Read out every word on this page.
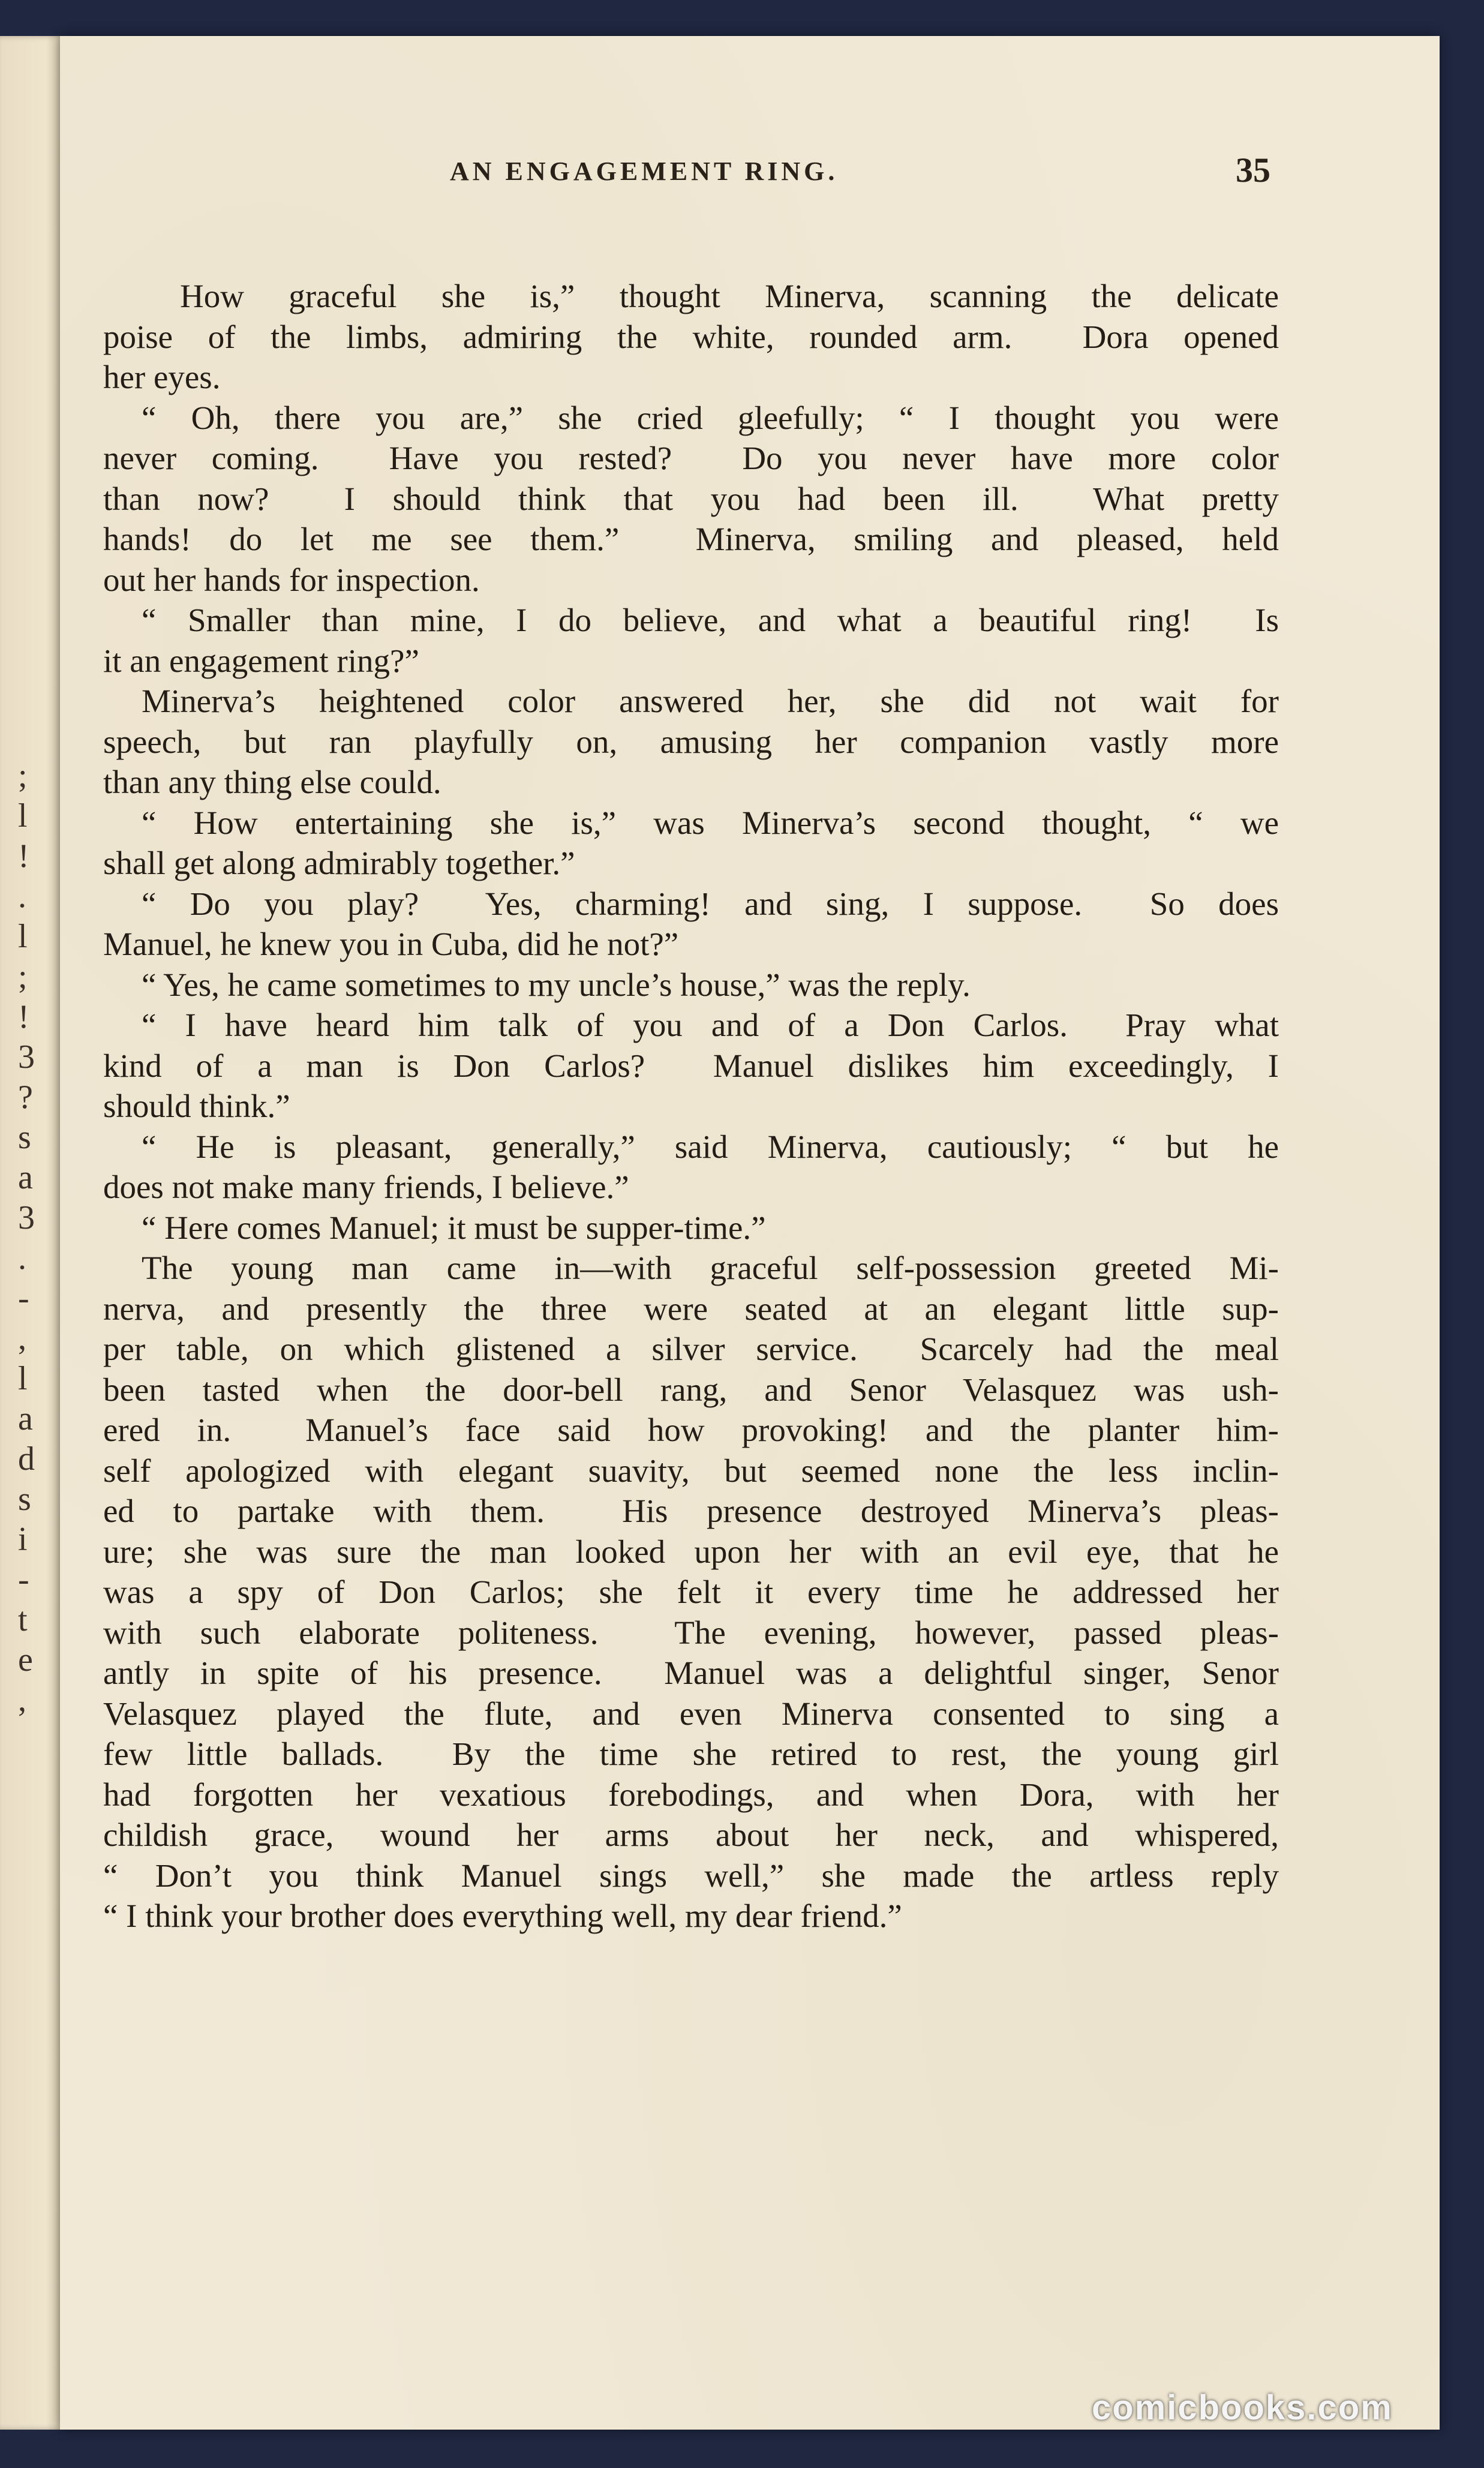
;
l
!
.
l
;
!
3
?
s
a
3
.
-
,
l
a
d
s
i
-
t
e
,
AN ENGAGEMENT RING.	35
How graceful she is,” thought Minerva, scanning the delicate
poise of the limbs, admiring the white, rounded arm.  Dora opened
her eyes.
“ Oh, there you are,” she cried gleefully; “ I thought you were
never coming.  Have you rested?  Do you never have more color
than now?  I should think that you had been ill.  What pretty
hands! do let me see them.”  Minerva, smiling and pleased, held
out her hands for inspection.
“ Smaller than mine, I do believe, and what a beautiful ring!  Is
it an engagement ring?”
Minerva’s heightened color answered her, she did not wait for
speech, but ran playfully on, amusing her companion vastly more
than any thing else could.
“ How entertaining she is,” was Minerva’s second thought, “ we
shall get along admirably together.”
“ Do you play?  Yes, charming! and sing, I suppose.  So does
Manuel, he knew you in Cuba, did he not?”
“ Yes, he came sometimes to my uncle’s house,” was the reply.
“ I have heard him talk of you and of a Don Carlos.  Pray what
kind of a man is Don Carlos?  Manuel dislikes him exceedingly, I
should think.”
“ He is pleasant, generally,” said Minerva, cautiously; “ but he
does not make many friends, I believe.”
“ Here comes Manuel; it must be supper-time.”
The young man came in—with graceful self-possession greeted Mi-
nerva, and presently the three were seated at an elegant little sup-
per table, on which glistened a silver service.  Scarcely had the meal
been tasted when the door-bell rang, and Senor Velasquez was ush-
ered in.  Manuel’s face said how provoking! and the planter him-
self apologized with elegant suavity, but seemed none the less inclin-
ed to partake with them.  His presence destroyed Minerva’s pleas-
ure; she was sure the man looked upon her with an evil eye, that he
was a spy of Don Carlos; she felt it every time he addressed her
with such elaborate politeness.  The evening, however, passed pleas-
antly in spite of his presence.  Manuel was a delightful singer, Senor
Velasquez played the flute, and even Minerva consented to sing a
few little ballads.  By the time she retired to rest, the young girl
had forgotten her vexatious forebodings, and when Dora, with her
childish grace, wound her arms about her neck, and whispered,
“ Don’t you think Manuel sings well,” she made the artless reply
“ I think your brother does everything well, my dear friend.”
comicbooks.com
